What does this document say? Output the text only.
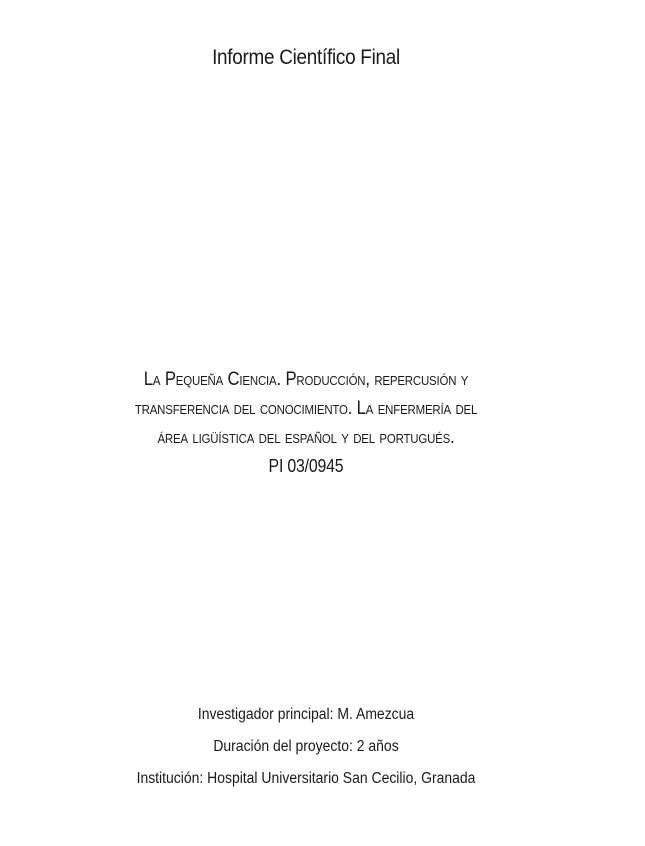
Informe Científico Final
La Pequeña Ciencia. Producción, repercusión y
transferencia del conocimiento. La enfermería del
área ligüística del español y del portugués.
PI 03/0945
Investigador principal: M. Amezcua
Duración del proyecto: 2 años
Institución: Hospital Universitario San Cecilio, Granada
